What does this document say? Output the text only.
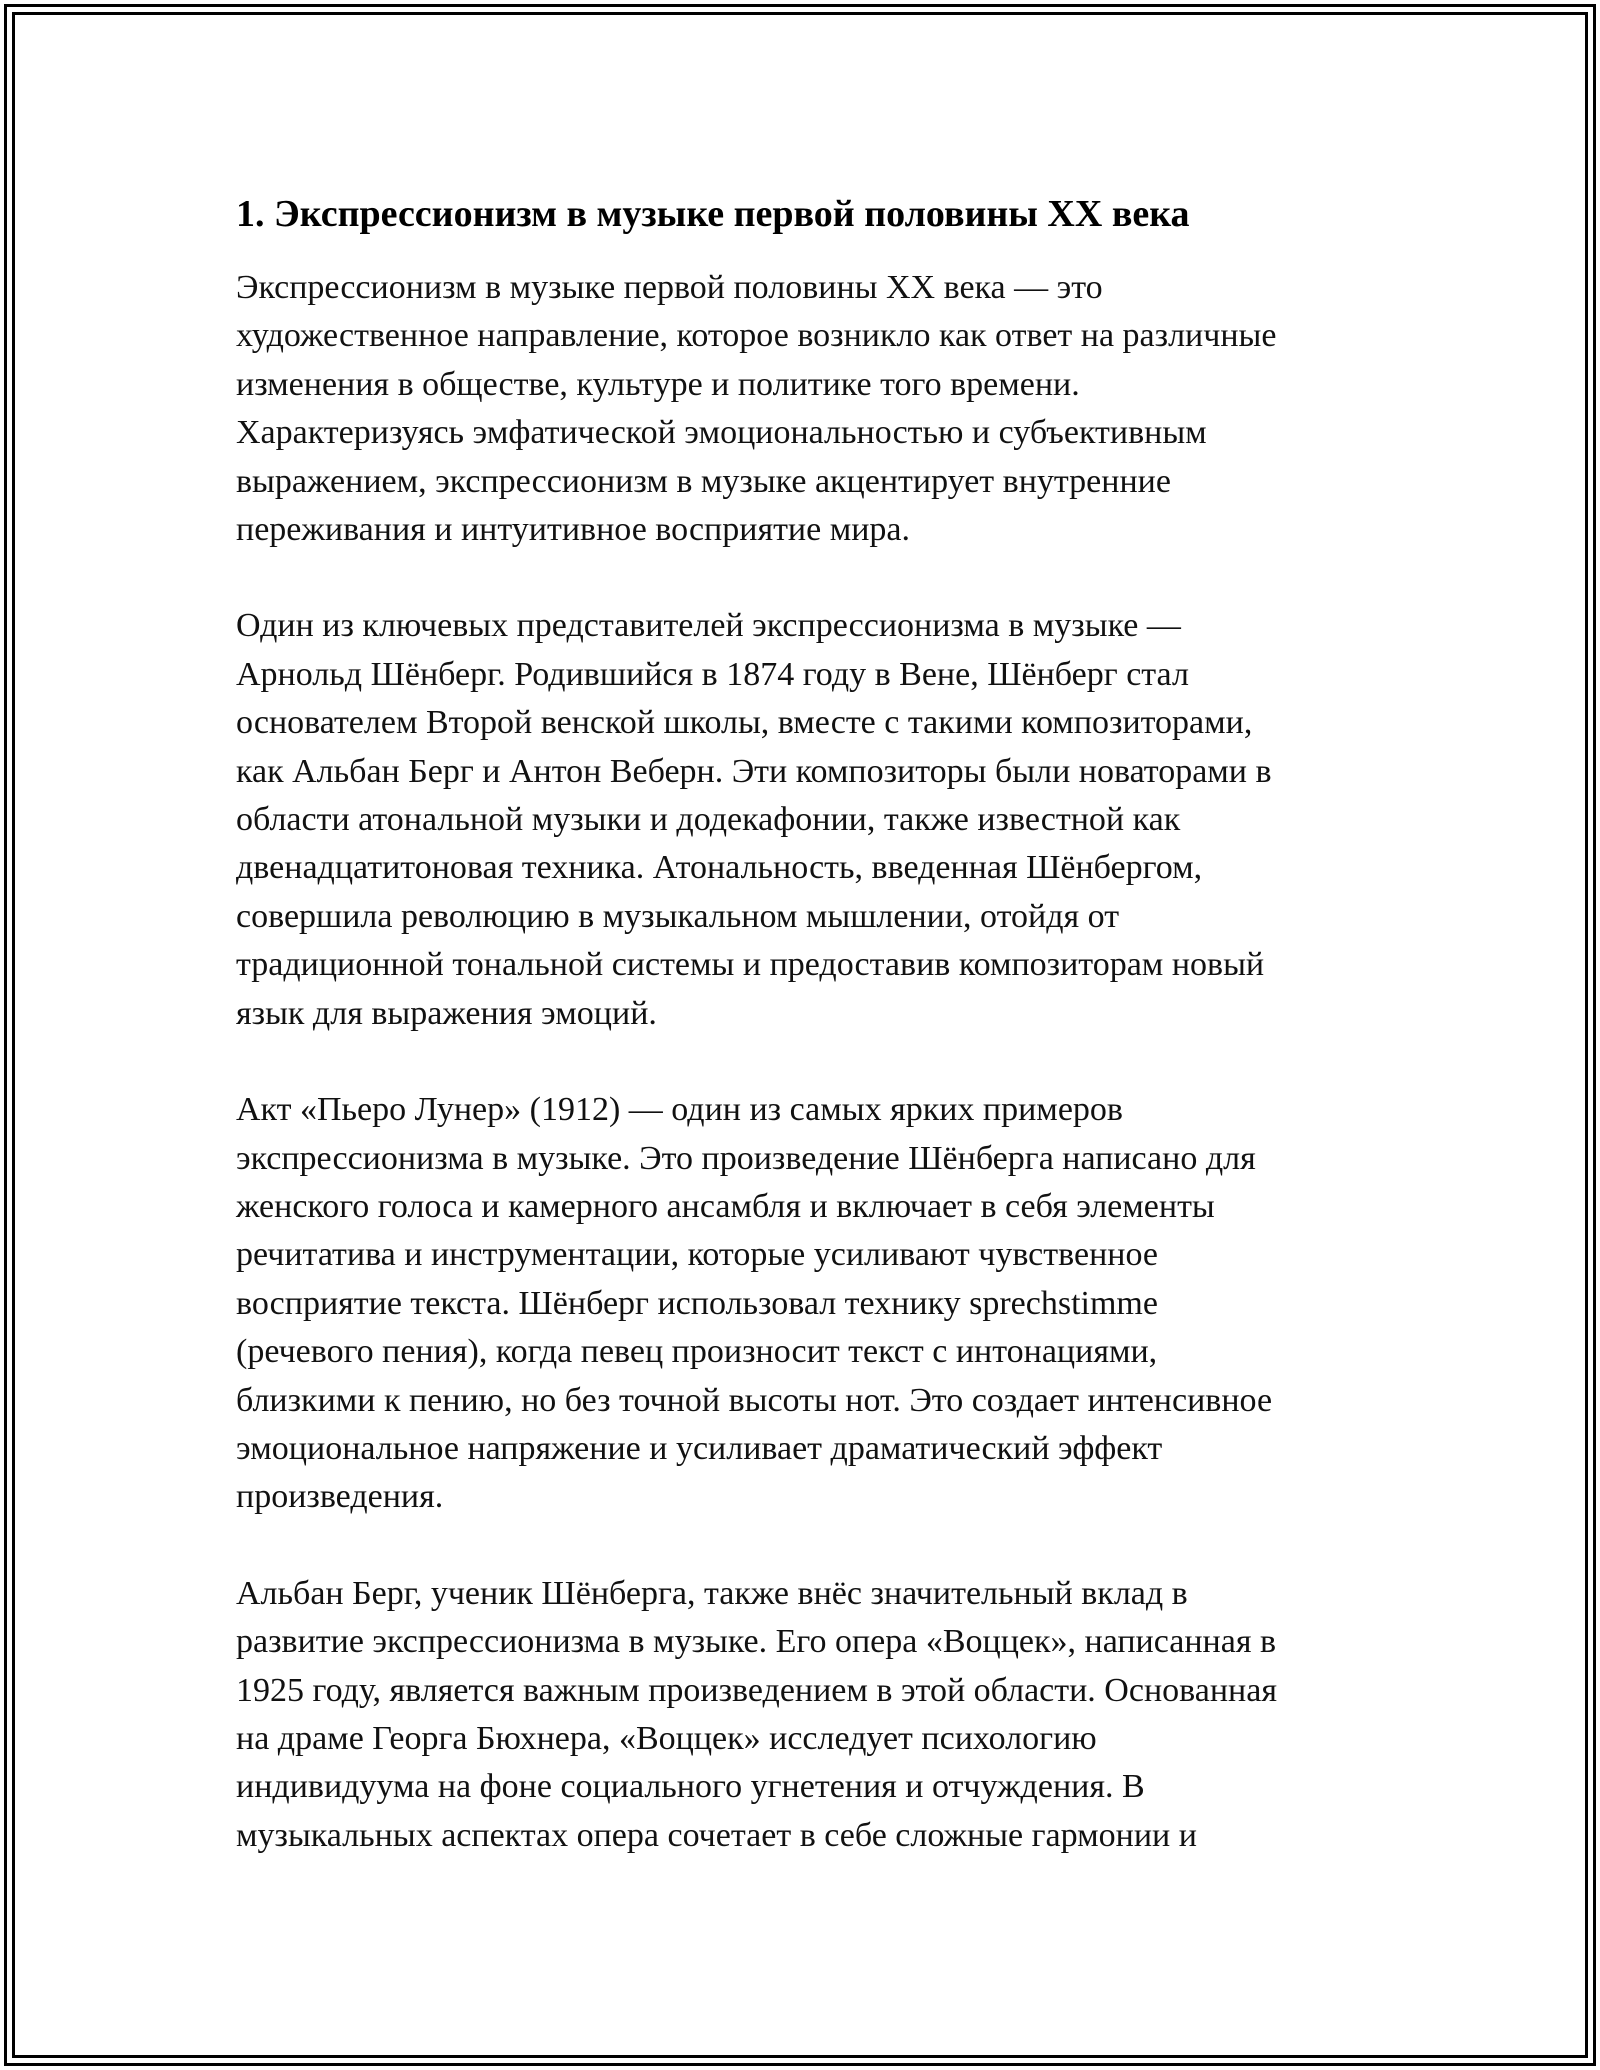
1. Экспрессионизм в музыке первой половины XX века

Экспрессионизм в музыке первой половины XX века — это
художественное направление, которое возникло как ответ на различные
изменения в обществе, культуре и политике того времени.
Характеризуясь эмфатической эмоциональностью и субъективным
выражением, экспрессионизм в музыке акцентирует внутренние
переживания и интуитивное восприятие мира.

Один из ключевых представителей экспрессионизма в музыке —
Арнольд Шёнберг. Родившийся в 1874 году в Вене, Шёнберг стал
основателем Второй венской школы, вместе с такими композиторами,
как Альбан Берг и Антон Веберн. Эти композиторы были новаторами в
области атональной музыки и додекафонии, также известной как
двенадцатитоновая техника. Атональность, введенная Шёнбергом,
совершила революцию в музыкальном мышлении, отойдя от
традиционной тональной системы и предоставив композиторам новый
язык для выражения эмоций.

Акт «Пьеро Лунер» (1912) — один из самых ярких примеров
экспрессионизма в музыке. Это произведение Шёнберга написано для
женского голоса и камерного ансамбля и включает в себя элементы
речитатива и инструментации, которые усиливают чувственное
восприятие текста. Шёнберг использовал технику sprechstimme
(речевого пения), когда певец произносит текст с интонациями,
близкими к пению, но без точной высоты нот. Это создает интенсивное
эмоциональное напряжение и усиливает драматический эффект
произведения.

Альбан Берг, ученик Шёнберга, также внёс значительный вклад в
развитие экспрессионизма в музыке. Его опера «Воццек», написанная в
1925 году, является важным произведением в этой области. Основанная
на драме Георга Бюхнера, «Воццек» исследует психологию
индивидуума на фоне социального угнетения и отчуждения. В
музыкальных аспектах опера сочетает в себе сложные гармонии и
